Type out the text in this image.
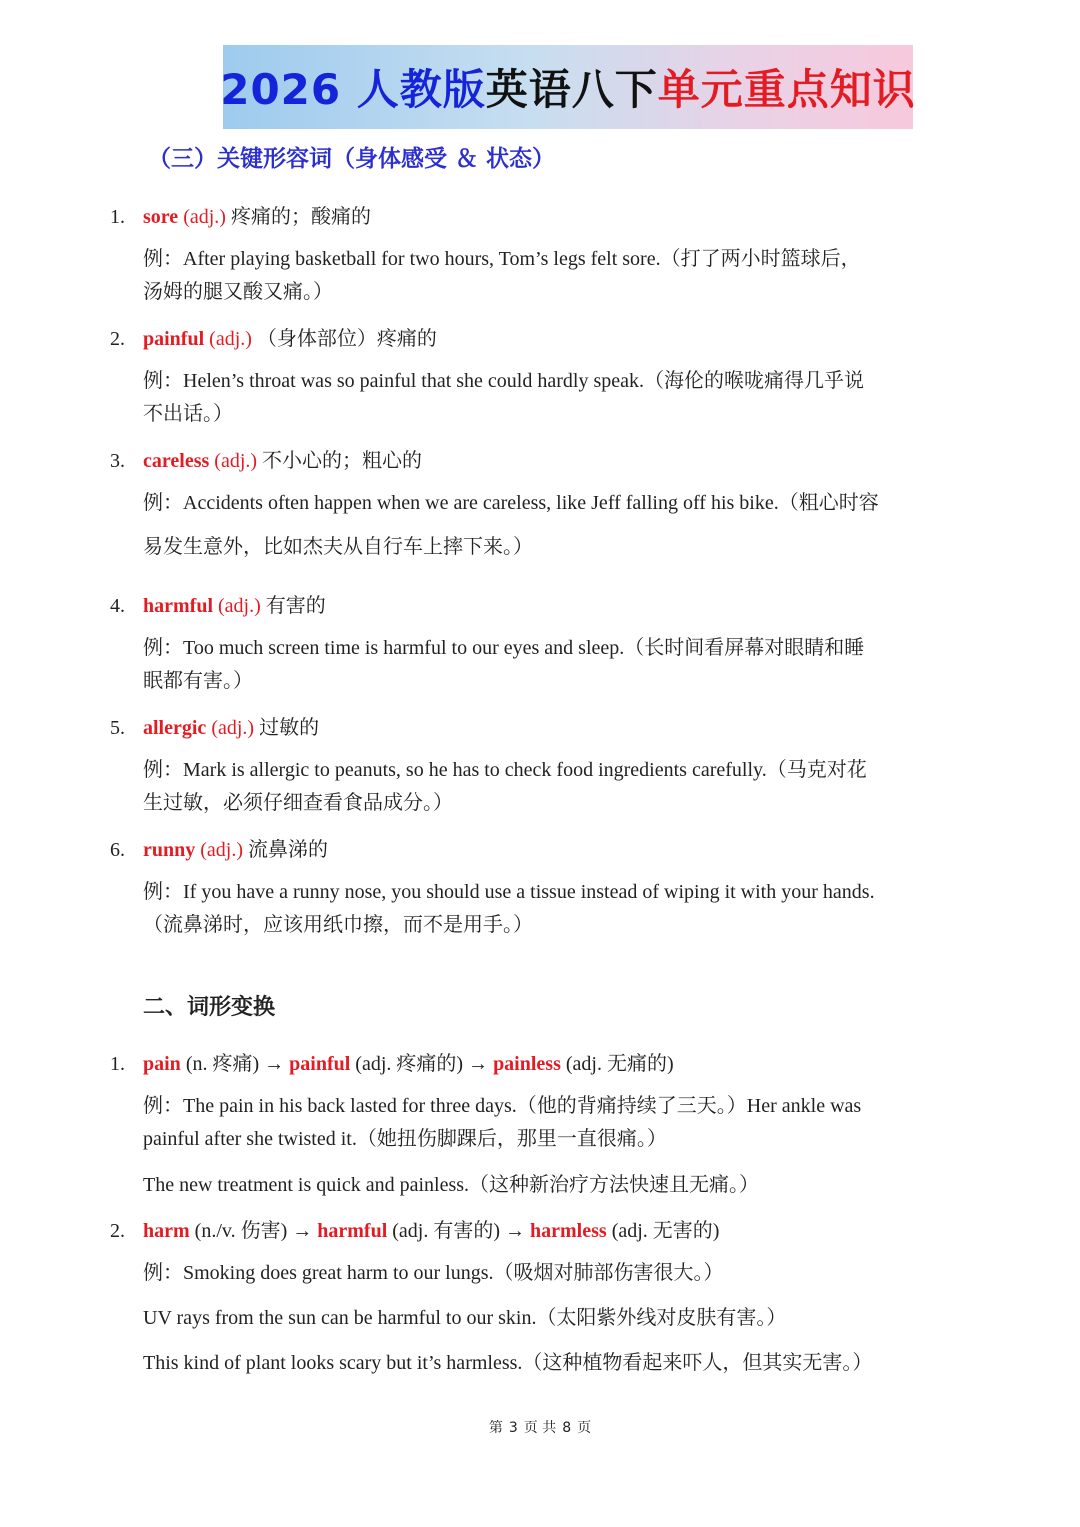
2026 人教版 英语八下 单元重点知识
（三）关键形容词（身体感受 ＆ 状态）
1. sore (adj.) 疼痛的；酸痛的
例：After playing basketball for two hours, Tom’s legs felt sore.（打了两小时篮球后，
汤姆的腿又酸又痛。）
2. painful (adj.) （身体部位）疼痛的
例：Helen’s throat was so painful that she could hardly speak.（海伦的喉咙痛得几乎说
不出话。）
3. careless (adj.) 不小心的；粗心的
例：Accidents often happen when we are careless, like Jeff falling off his bike.（粗心时容
易发生意外，比如杰夫从自行车上摔下来。）
4. harmful (adj.) 有害的
例：Too much screen time is harmful to our eyes and sleep.（长时间看屏幕对眼睛和睡
眠都有害。）
5. allergic (adj.) 过敏的
例：Mark is allergic to peanuts, so he has to check food ingredients carefully.（马克对花
生过敏，必须仔细查看食品成分。）
6. runny (adj.) 流鼻涕的
例：If you have a runny nose, you should use a tissue instead of wiping it with your hands.
（流鼻涕时，应该用纸巾擦，而不是用手。）
二、词形变换
1. pain (n. 疼痛) → painful (adj. 疼痛的) → painless (adj. 无痛的)
例：The pain in his back lasted for three days.（他的背痛持续了三天。）Her ankle was
painful after she twisted it.（她扭伤脚踝后，那里一直很痛。）
The new treatment is quick and painless.（这种新治疗方法快速且无痛。）
2. harm (n./v. 伤害) → harmful (adj. 有害的) → harmless (adj. 无害的)
例：Smoking does great harm to our lungs.（吸烟对肺部伤害很大。）
UV rays from the sun can be harmful to our skin.（太阳紫外线对皮肤有害。）
This kind of plant looks scary but it’s harmless.（这种植物看起来吓人，但其实无害。）
第 3 页 共 8 页
